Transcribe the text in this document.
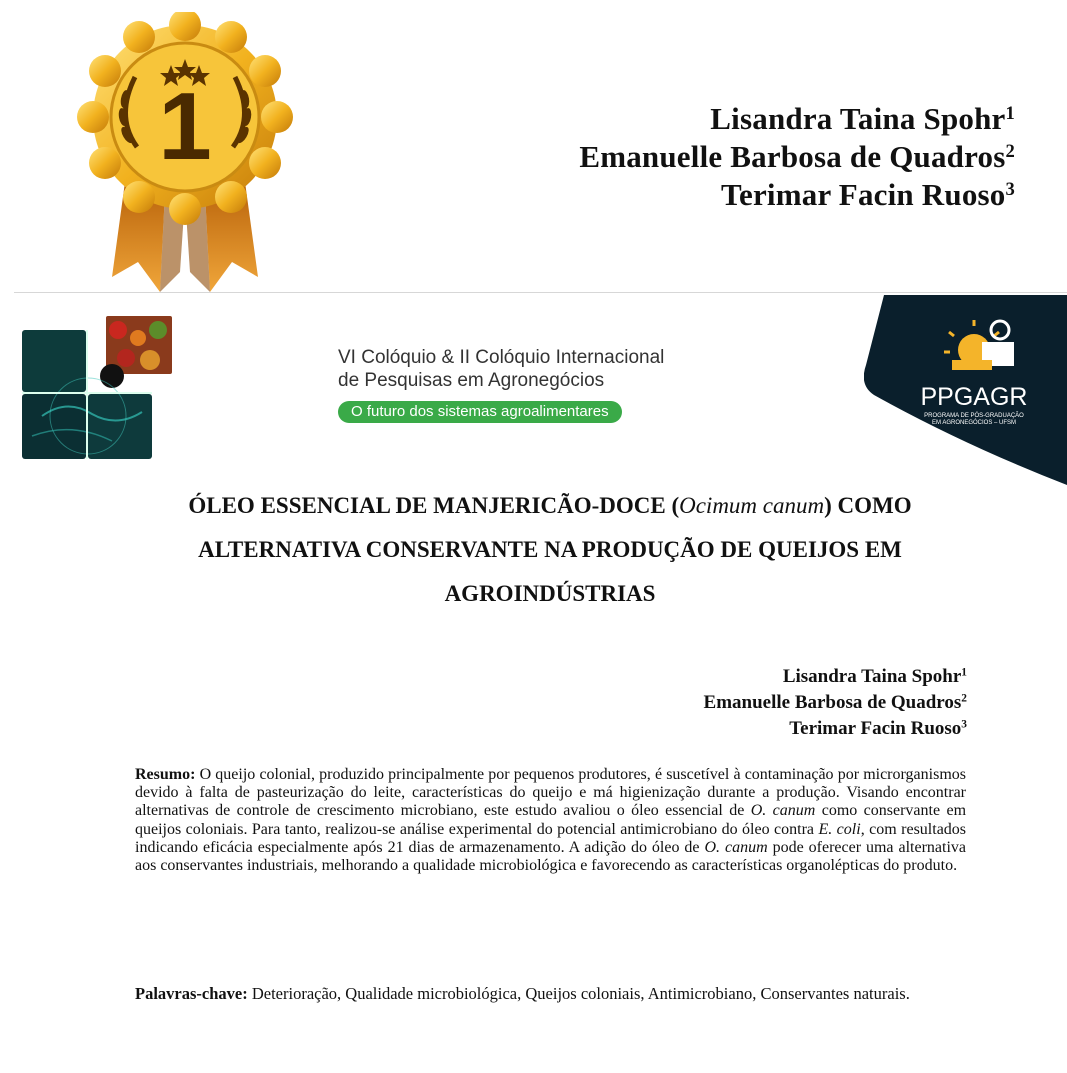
1	Lisandra Taina Spohr$^1$
Emanuelle Barbosa de Quadros$^2$
Terimar Facin Ruoso$^3$
VI Colóquio & II Colóquio Internacional
de Pesquisas em Agronegócios
O futuro dos sistemas agroalimentares
PPGAGR
PROGRAMA DE PÓS-GRADUAÇÃO
EM AGRONEGÓCIOS – UFSM
ÓLEO ESSENCIAL DE MANJERICÃO-DOCE (Ocimum canum) COMO
ALTERNATIVA CONSERVANTE NA PRODUÇÃO DE QUEIJOS EM
AGROINDÚSTRIAS
Lisandra Taina Spohr$^1$
Emanuelle Barbosa de Quadros$^2$
Terimar Facin Ruoso$^3$
Resumo: O queijo colonial, produzido principalmente por pequenos produtores, é suscetível à contaminação por microrganismos devido à falta de pasteurização do leite, características do queijo e má higienização durante a produção. Visando encontrar alternativas de controle de crescimento microbiano, este estudo avaliou o óleo essencial de O. canum como conservante em queijos coloniais. Para tanto, realizou-se análise experimental do potencial antimicrobiano do óleo contra E. coli, com resultados indicando eficácia especialmente após 21 dias de armazenamento. A adição do óleo de O. canum pode oferecer uma alternativa aos conservantes industriais, melhorando a qualidade microbiológica e favorecendo as características organolépticas do produto.
Palavras-chave: Deterioração, Qualidade microbiológica, Queijos coloniais, Antimicrobiano, Conservantes naturais.
